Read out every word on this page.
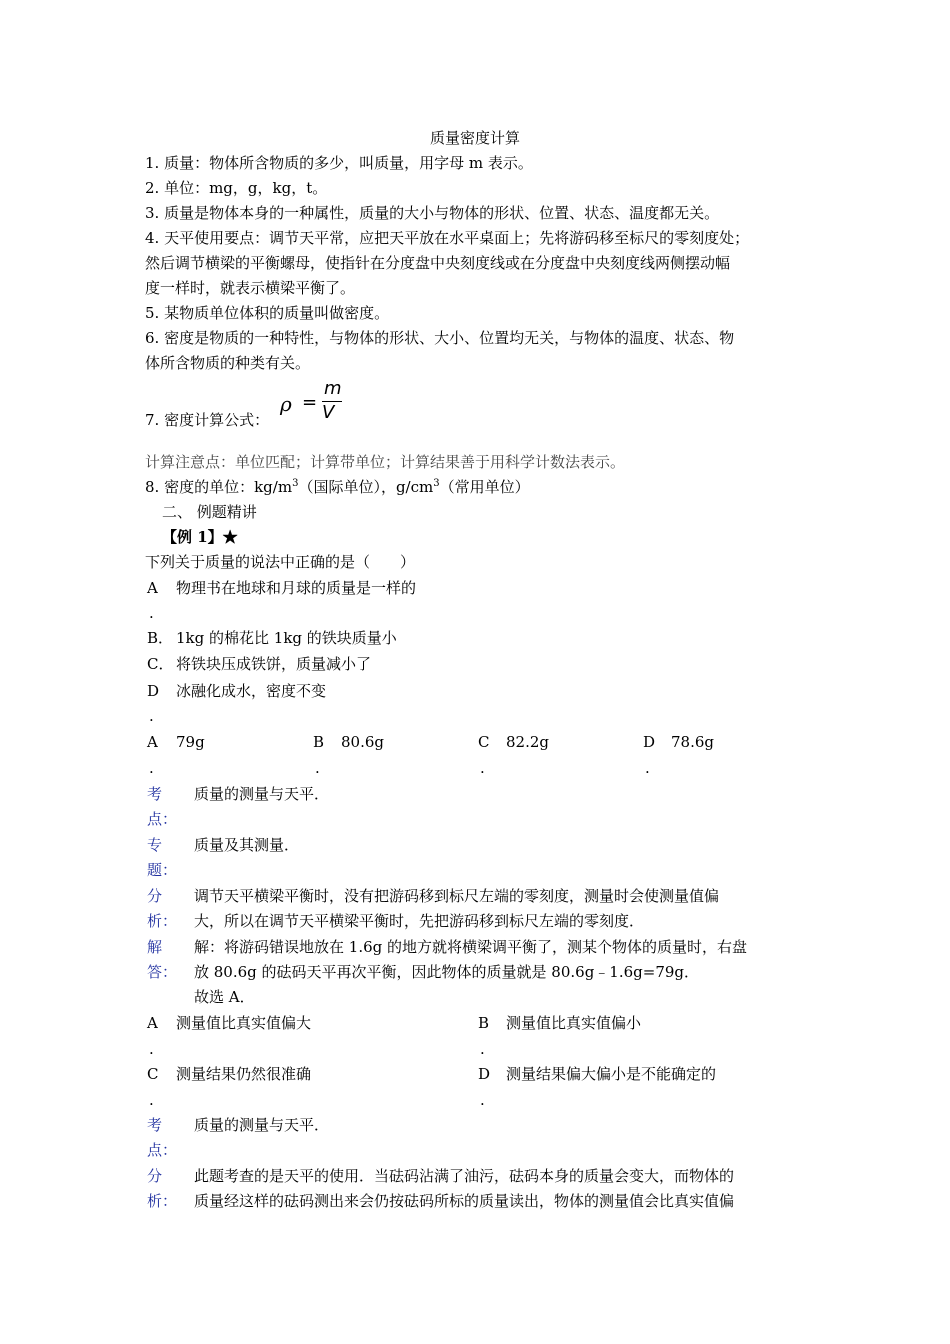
质量密度计算
1. 质量：物体所含物质的多少，叫质量，用字母 m 表示。
2. 单位：mg，g，kg，t。
3. 质量是物体本身的一种属性，质量的大小与物体的形状、位置、状态、温度都无关。
4. 天平使用要点：调节天平常，应把天平放在水平桌面上；先将游码移至标尺的零刻度处；
然后调节横梁的平衡螺母，使指针在分度盘中央刻度线或在分度盘中央刻度线两侧摆动幅
度一样时，就表示横梁平衡了。
5. 某物质单位体积的质量叫做密度。
6. 密度是物质的一种特性，与物体的形状、大小、位置均无关，与物体的温度、状态、物
体所含物质的种类有关。
7. 密度计算公式：
ρ =
m
V
计算注意点：单位匹配；计算带单位；计算结果善于用科学计数法表示。
8. 密度的单位：$kg/m^3$（国际单位），$g/cm^3$（常用单位）
二、 例题精讲
【例 1】★
下列关于质量的说法中正确的是（　　）
A
.
物理书在地球和月球的质量是一样的
B． 1kg 的棉花比 1kg 的铁块质量小
C． 将铁块压成铁饼，质量减小了
D
.
冰融化成水，密度不变
A
.
79g	B
.
80.6g	C
.
82.2g	D
.
78.6g
考
点：
质量的测量与天平．
专
题：
质量及其测量．
分
析：
调节天平横梁平衡时，没有把游码移到标尺左端的零刻度，测量时会使测量值偏
大，所以在调节天平横梁平衡时，先把游码移到标尺左端的零刻度．
解
答：
解：将游码错误地放在 1.6g 的地方就将横梁调平衡了，测某个物体的质量时，右盘
放 80.6g 的砝码天平再次平衡，因此物体的质量就是 80.6g﹣1.6g=79g．
故选 A．
A
.
测量值比真实值偏大	B
.
测量值比真实值偏小
C
.
测量结果仍然很准确	D
.
测量结果偏大偏小是不能确定的
考
点：
质量的测量与天平．
分
析：
此题考查的是天平的使用．当砝码沾满了油污，砝码本身的质量会变大，而物体的
质量经这样的砝码测出来会仍按砝码所标的质量读出，物体的测量值会比真实值偏
